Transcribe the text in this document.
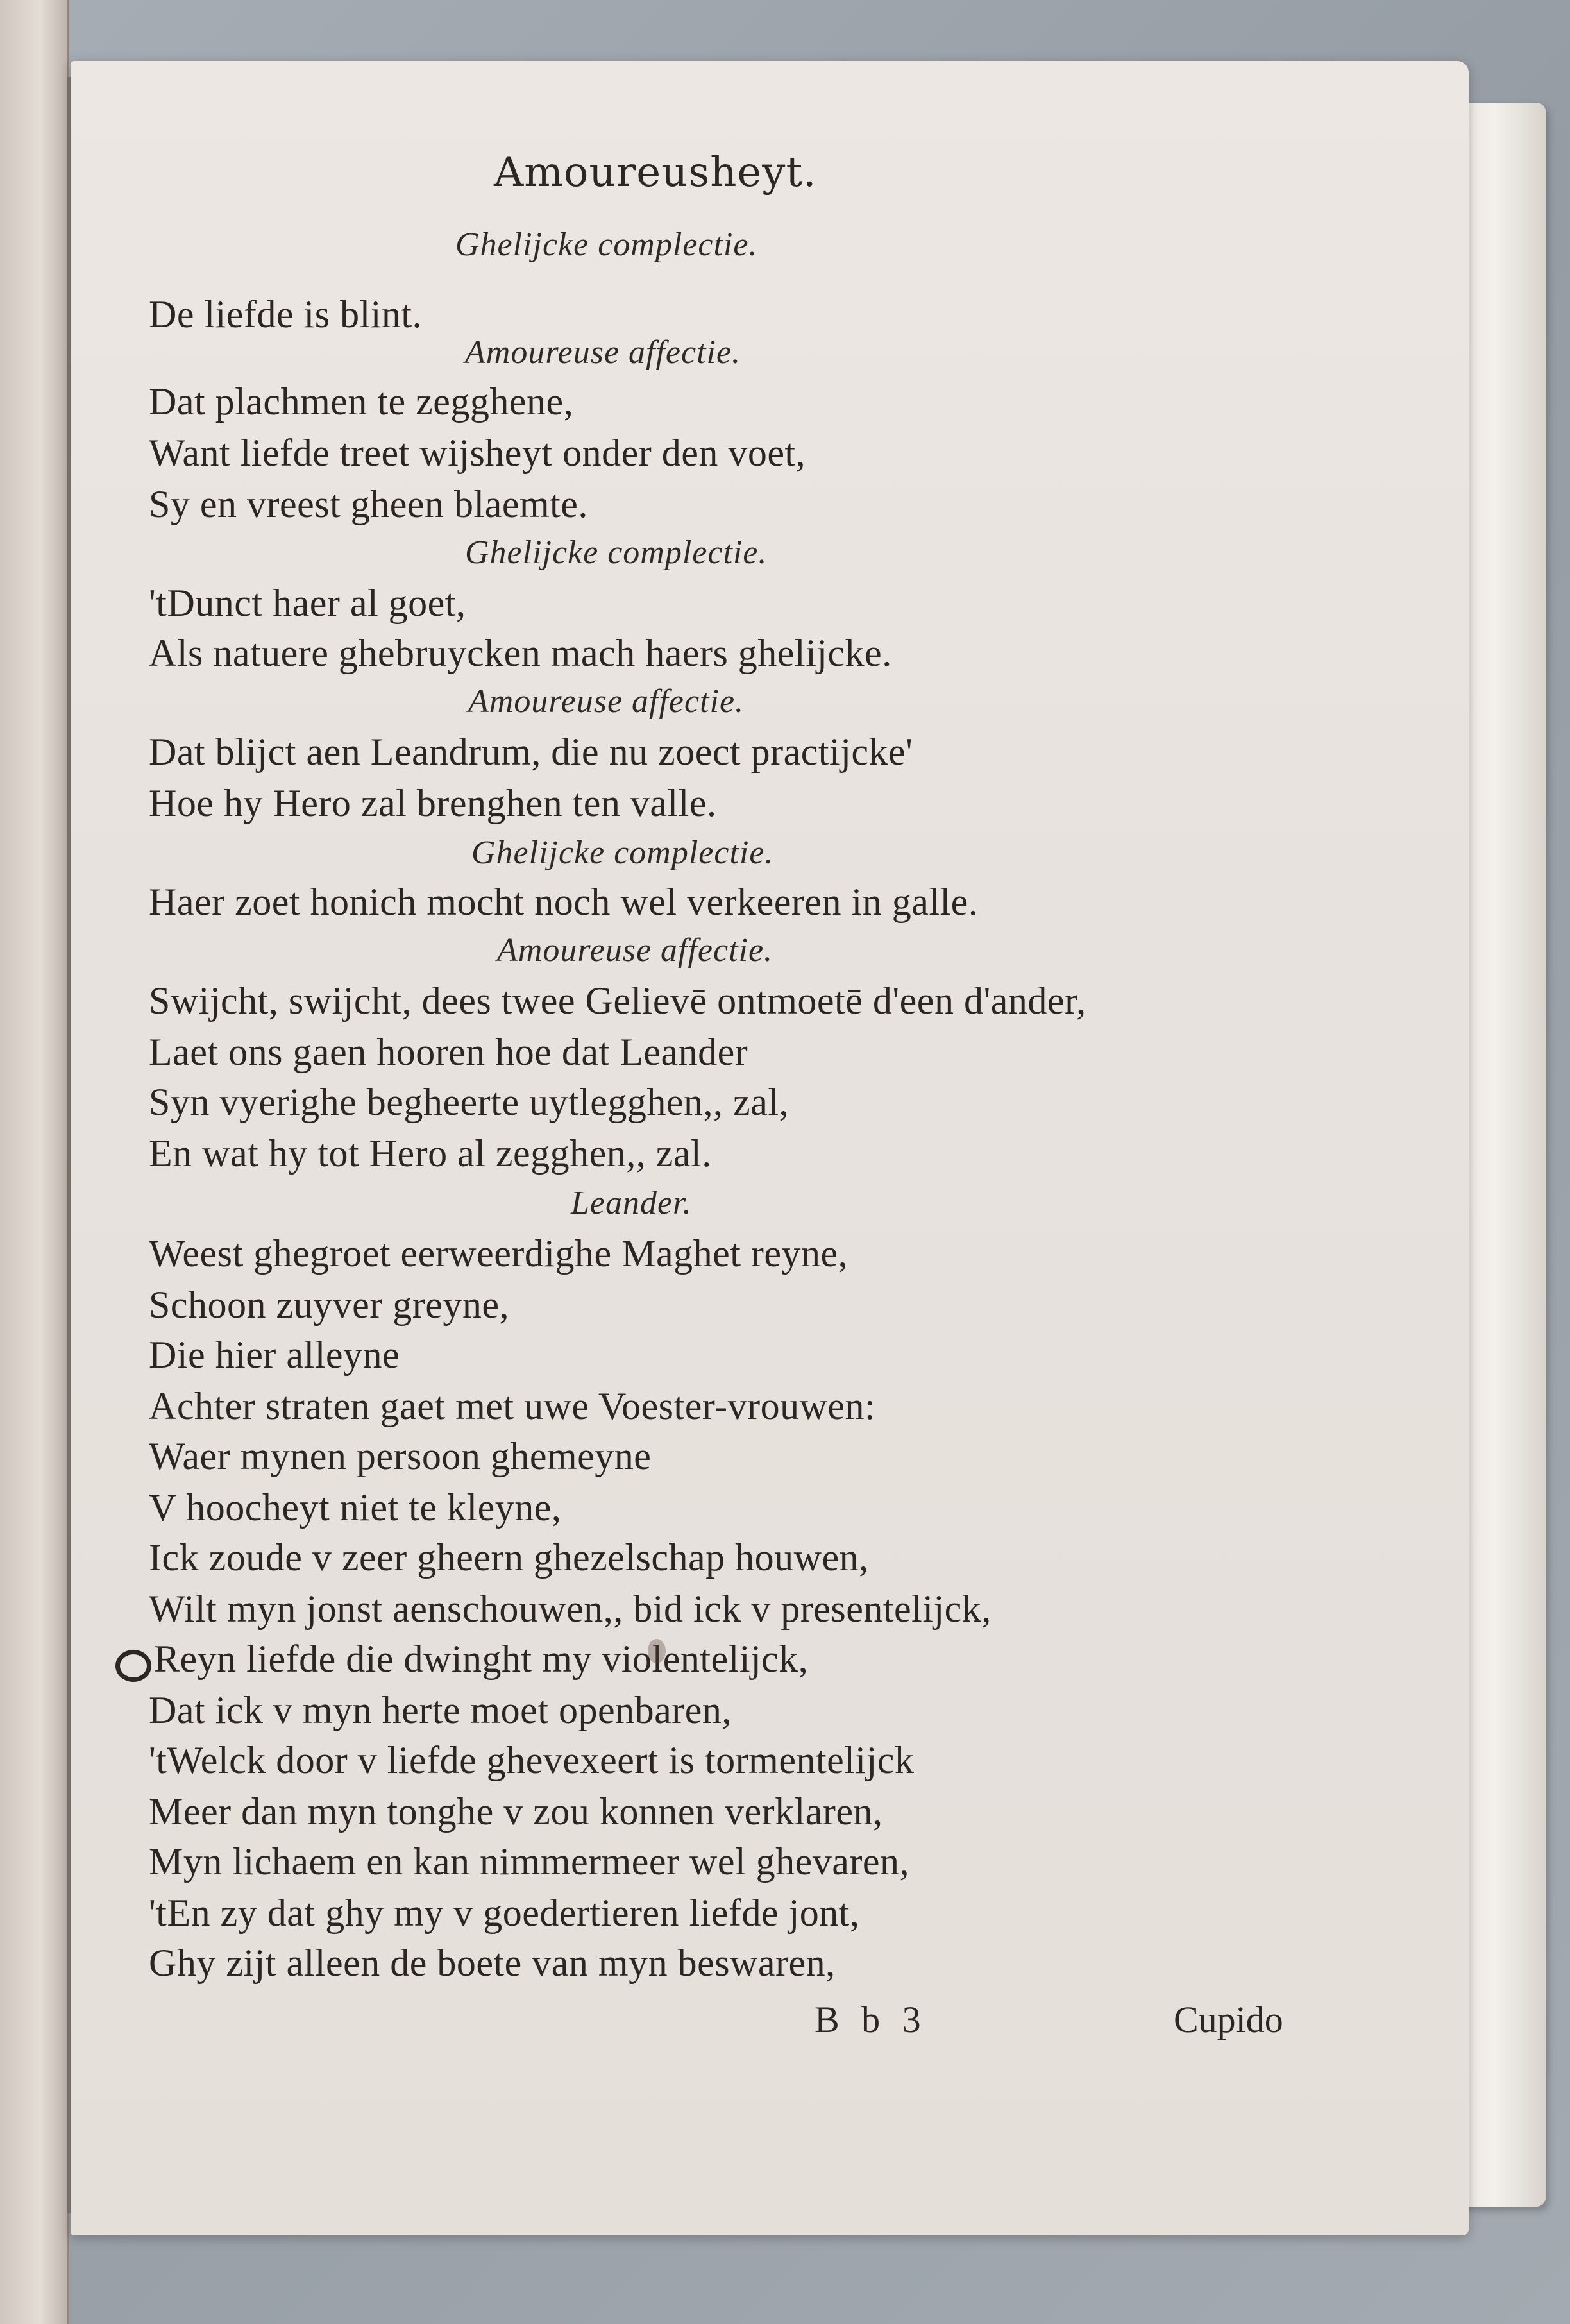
Amoureusheyt.
Ghelijcke complectie.
De liefde is blint.
Amoureuse affectie.
Dat plachmen te zegghene,
Want liefde treet wijsheyt onder den voet,
Sy en vreest gheen blaemte.
Ghelijcke complectie.
'tDunct haer al goet,
Als natuere ghebruycken mach haers ghelijcke.
Amoureuse affectie.
Dat blijct aen Leandrum, die nu zoect practijcke'
Hoe hy Hero zal brenghen ten valle.
Ghelijcke complectie.
Haer zoet honich mocht noch wel verkeeren in galle.
Amoureuse affectie.
Swijcht, swijcht, dees twee Gelievē ontmoetē d'een d'ander,
Laet ons gaen hooren hoe dat Leander
Syn vyerighe begheerte uytlegghen,, zal,
En wat hy tot Hero al zegghen,, zal.
Leander.
Weest ghegroet eerweerdighe Maghet reyne,
Schoon zuyver greyne,
Die hier alleyne
Achter straten gaet met uwe Voester-vrouwen:
Waer mynen persoon ghemeyne
V hoocheyt niet te kleyne,
Ick zoude v zeer gheern ghezelschap houwen,
Wilt myn jonst aenschouwen,, bid ick v presentelijck,
Reyn liefde die dwinght my violentelijck,
Dat ick v myn herte moet openbaren,
'tWelck door v liefde ghevexeert is tormentelijck
Meer dan myn tonghe v zou konnen verklaren,
Myn lichaem en kan nimmermeer wel ghevaren,
'tEn zy dat ghy my v goedertieren liefde jont,
Ghy zijt alleen de boete van myn beswaren,
B b 3	Cupido
